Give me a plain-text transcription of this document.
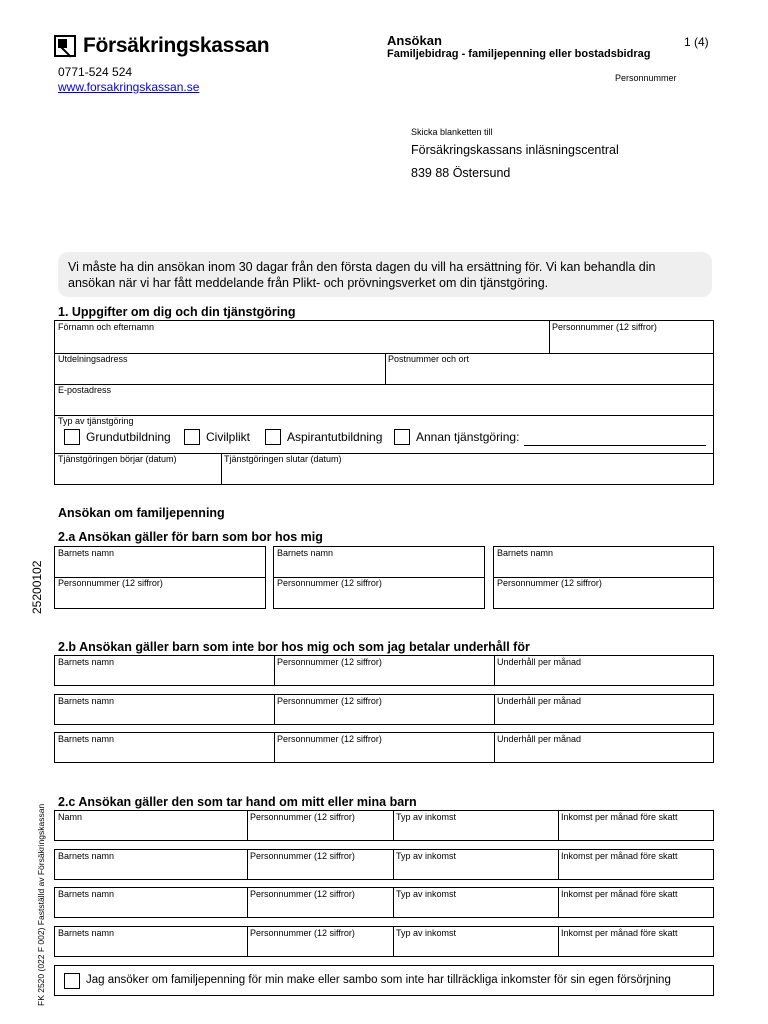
Försäkringskassan
0771-524 524
www.forsakringskassan.se
Ansökan
Familjebidrag - familjepenning eller bostadsbidrag
1 (4)
Personnummer
Skicka blanketten till
Försäkringskassans inläsningscentral
839 88 Östersund
Vi måste ha din ansökan inom 30 dagar från den första dagen du vill ha ersättning för. Vi kan behandla din ansökan när vi har fått meddelande från Plikt- och prövningsverket om din tjänstgöring.
1. Uppgifter om dig och din tjänstgöring
Förnamn och efternamn	Personnummer (12 siffror)
Utdelningsadress	Postnummer och ort
E-postadress
Typ av tjänstgöring
Grundutbildning	Civilplikt	Aspirantutbildning	Annan tjänstgöring:
Tjänstgöringen börjar (datum)	Tjänstgöringen slutar (datum)
Ansökan om familjepenning
2.a Ansökan gäller för barn som bor hos mig
Barnets namn
Personnummer (12 siffror)
Barnets namn
Personnummer (12 siffror)
Barnets namn
Personnummer (12 siffror)
2.b Ansökan gäller barn som inte bor hos mig och som jag betalar underhåll för
Barnets namn	Personnummer (12 siffror)	Underhåll per månad
Barnets namn	Personnummer (12 siffror)	Underhåll per månad
Barnets namn	Personnummer (12 siffror)	Underhåll per månad
2.c Ansökan gäller den som tar hand om mitt eller mina barn
Namn	Personnummer (12 siffror)	Typ av inkomst	Inkomst per månad före skatt
Barnets namn	Personnummer (12 siffror)	Typ av inkomst	Inkomst per månad före skatt
Barnets namn	Personnummer (12 siffror)	Typ av inkomst	Inkomst per månad före skatt
Barnets namn	Personnummer (12 siffror)	Typ av inkomst	Inkomst per månad före skatt
Jag ansöker om familjepenning för min make eller sambo som inte har tillräckliga inkomster för sin egen försörjning
25200102
FK 2520 (022 F 002) Fastställd av Försäkringskassan
